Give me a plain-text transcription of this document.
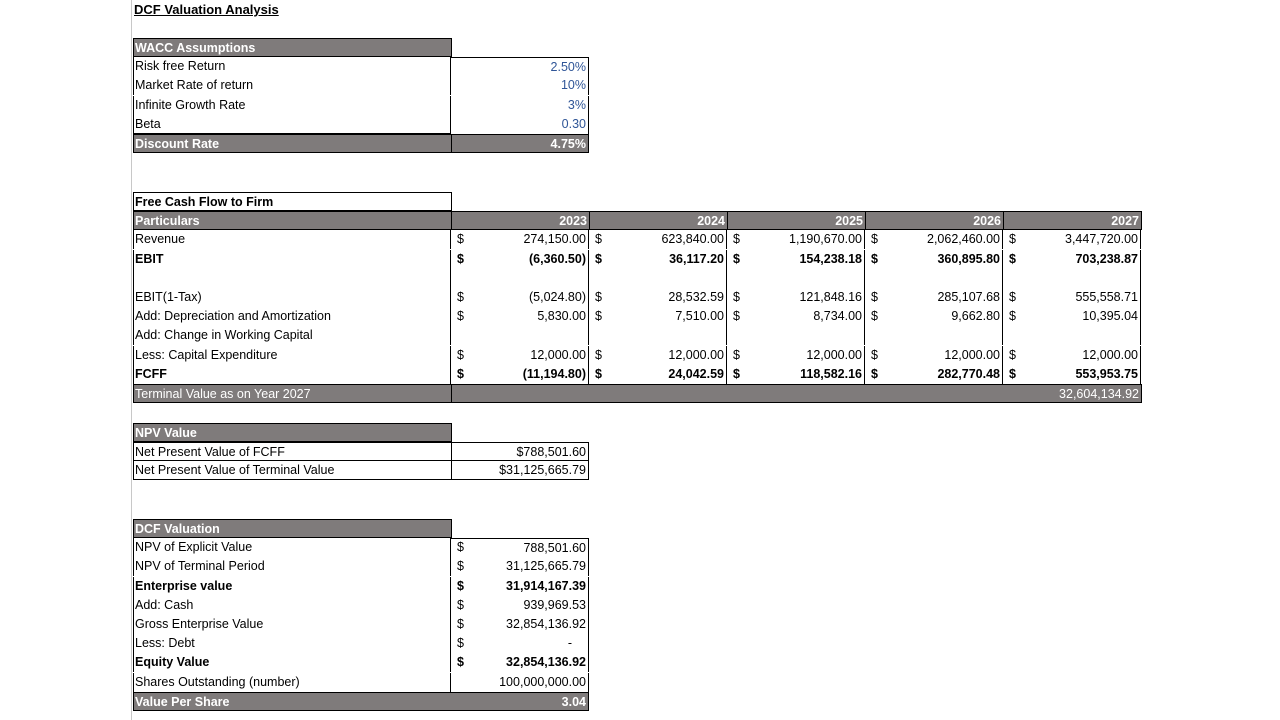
DCF Valuation Analysis
WACC Assumptions
Risk free Return	2.50%
Market Rate of return	10%
Infinite Growth Rate	3%
Beta	0.30
Discount Rate	4.75%
Free Cash Flow to Firm
Particulars	2023	2024	2025	2026	2027
Revenue	$	274,150.00 $	623,840.00 $	1,190,670.00 $	2,062,460.00 $	3,447,720.00
EBIT	$	(6,360.50) $	36,117.20 $	154,238.18 $	360,895.80 $	703,238.87
EBIT(1-Tax)	$	(5,024.80) $	28,532.59 $	121,848.16 $	285,107.68 $	555,558.71
Add: Depreciation and Amortization	$	5,830.00 $	7,510.00 $	8,734.00 $	9,662.80 $	10,395.04
Add: Change in Working Capital
Less: Capital Expenditure	$	12,000.00 $	12,000.00 $	12,000.00 $	12,000.00 $	12,000.00
FCFF	$	(11,194.80) $	24,042.59 $	118,582.16 $	282,770.48 $	553,953.75
Terminal Value as on Year 2027	32,604,134.92
NPV Value
Net Present Value of FCFF	$788,501.60
Net Present Value of Terminal Value	$31,125,665.79
DCF Valuation
NPV of Explicit Value	$	788,501.60
NPV of Terminal Period	$	31,125,665.79
Enterprise value	$	31,914,167.39
Add: Cash	$	939,969.53
Gross Enterprise Value	$	32,854,136.92
Less: Debt	$	-
Equity Value	$	32,854,136.92
Shares Outstanding (number)	100,000,000.00
Value Per Share	3.04
